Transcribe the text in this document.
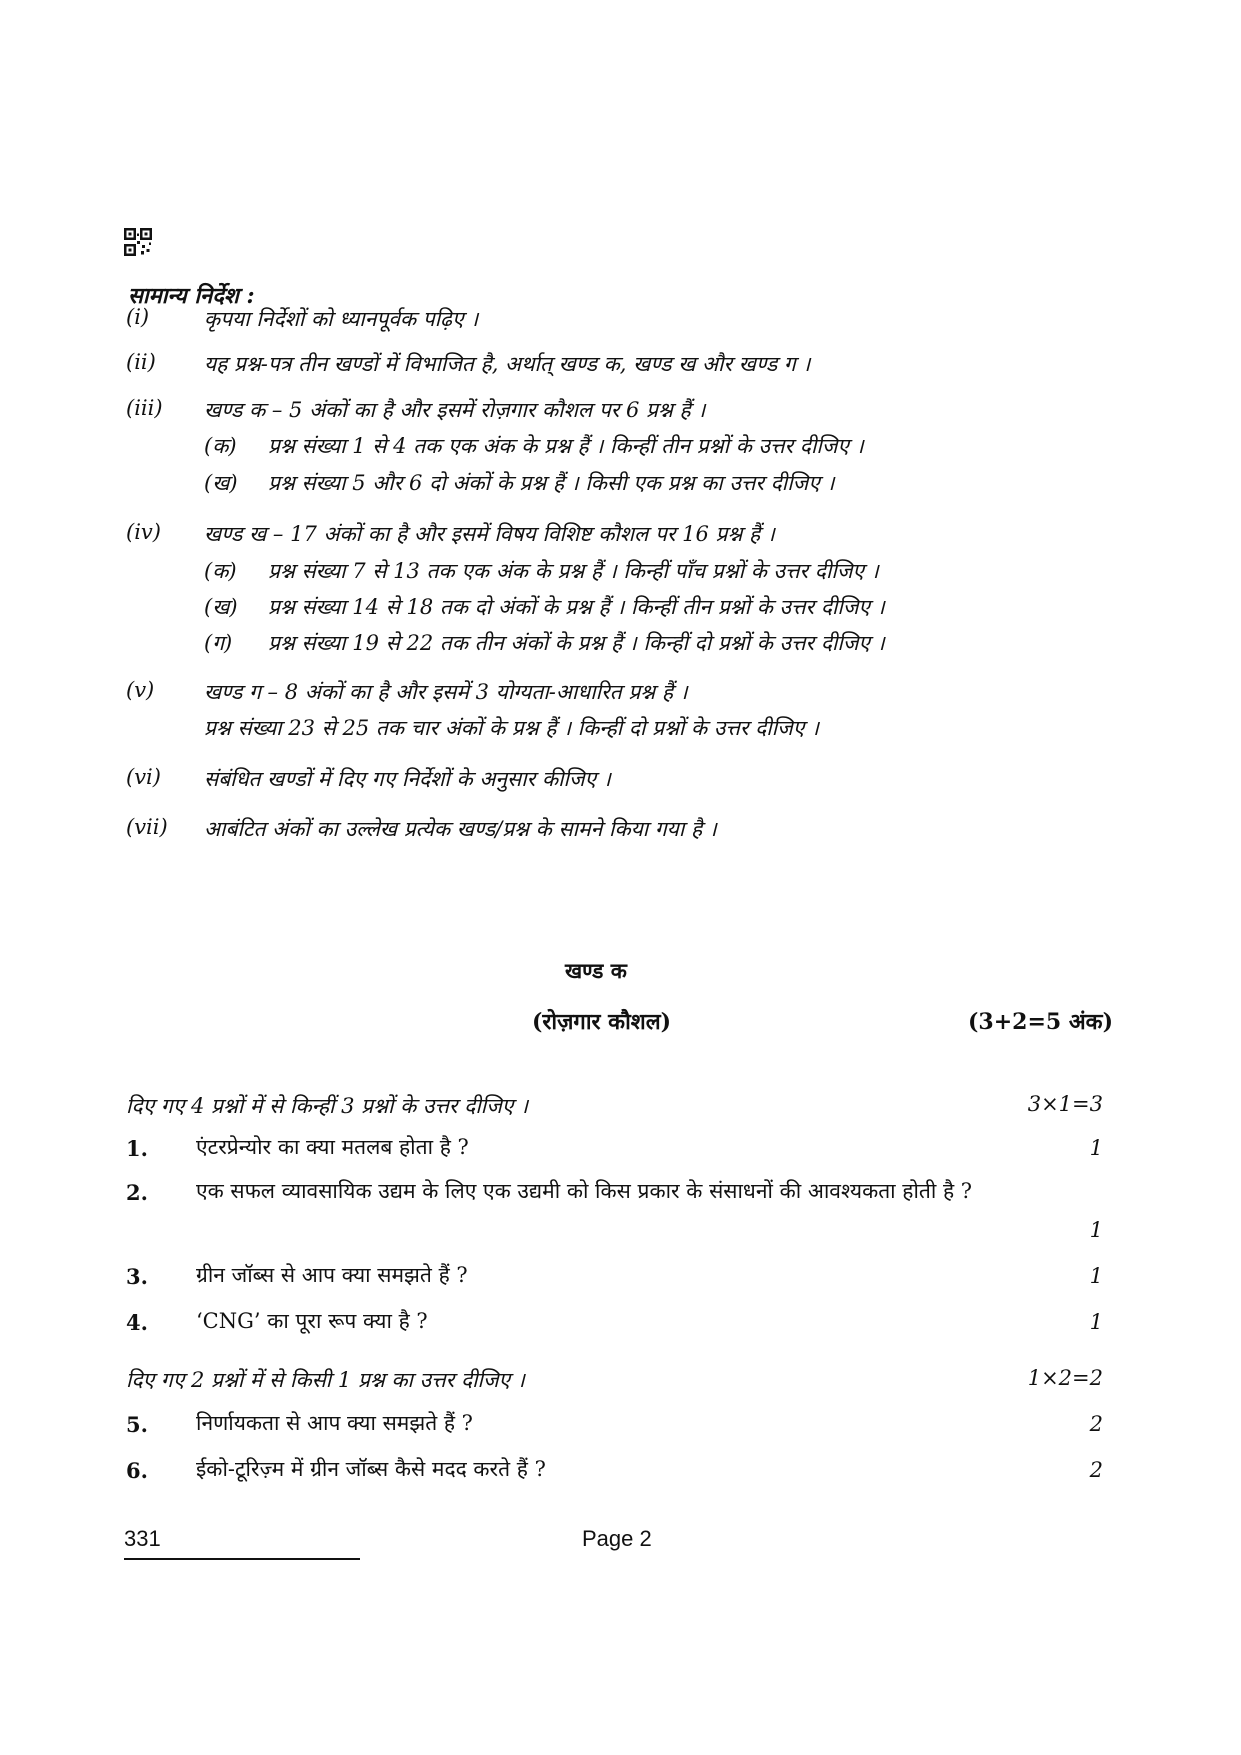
सामान्य निर्देश :
(i)	कृपया निर्देशों को ध्यानपूर्वक पढ़िए ।
(ii)	यह प्रश्न-पत्र तीन खण्डों में विभाजित है, अर्थात् खण्ड क, खण्ड ख और खण्ड ग ।
(iii)	खण्ड क – 5 अंकों का है और इसमें रोज़गार कौशल पर 6 प्रश्न हैं ।
(क)	प्रश्न संख्या 1 से 4 तक एक अंक के प्रश्न हैं । किन्हीं तीन प्रश्नों के उत्तर दीजिए ।
(ख)	प्रश्न संख्या 5 और 6 दो अंकों के प्रश्न हैं । किसी एक प्रश्न का उत्तर दीजिए ।
(iv)	खण्ड ख – 17 अंकों का है और इसमें विषय विशिष्ट कौशल पर 16 प्रश्न हैं ।
(क)	प्रश्न संख्या 7 से 13 तक एक अंक के प्रश्न हैं । किन्हीं पाँच प्रश्नों के उत्तर दीजिए ।
(ख)	प्रश्न संख्या 14 से 18 तक दो अंकों के प्रश्न हैं । किन्हीं तीन प्रश्नों के उत्तर दीजिए ।
(ग)	प्रश्न संख्या 19 से 22 तक तीन अंकों के प्रश्न हैं । किन्हीं दो प्रश्नों के उत्तर दीजिए ।
(v)	खण्ड ग – 8 अंकों का है और इसमें 3 योग्यता-आधारित प्रश्न हैं ।
प्रश्न संख्या 23 से 25 तक चार अंकों के प्रश्न हैं । किन्हीं दो प्रश्नों के उत्तर दीजिए ।
(vi)	संबंधित खण्डों में दिए गए निर्देशों के अनुसार कीजिए ।
(vii)	आबंटित अंकों का उल्लेख प्रत्येक खण्ड/प्रश्न के सामने किया गया है ।
खण्ड क
(रोज़गार कौशल)	(3+2=5 अंक)
दिए गए 4 प्रश्नों में से किन्हीं 3 प्रश्नों के उत्तर दीजिए ।	3×1=3
1. एंटरप्रेन्योर का क्या मतलब होता है ?	1
2. एक सफल व्यावसायिक उद्यम के लिए एक उद्यमी को किस प्रकार के संसाधनों की आवश्यकता होती है ?
1
3. ग्रीन जॉब्स से आप क्या समझते हैं ?	1
4. ‘CNG’ का पूरा रूप क्या है ?	1
दिए गए 2 प्रश्नों में से किसी 1 प्रश्न का उत्तर दीजिए ।	1×2=2
5. निर्णायकता से आप क्या समझते हैं ?	2
6. ईको-टूरिज़्म में ग्रीन जॉब्स कैसे मदद करते हैं ?	2
331	Page 2
